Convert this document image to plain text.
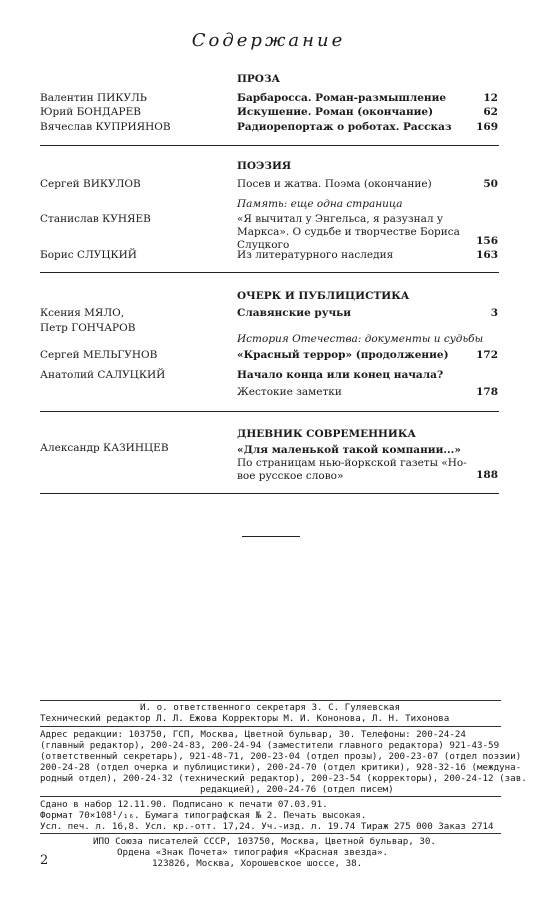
Содержание
ПРОЗА
Валентин ПИКУЛЬ	Барбаросса. Роман-размышление	12
Юрий БОНДАРЕВ	Искушение. Роман (окончание)	62
Вячеслав КУПРИЯНОВ	Радиорепортаж о роботах. Рассказ 169
ПОЭЗИЯ
Сергей ВИКУЛОВ	Посев и жатва. Поэма (окончание)	50
Память: еще одна страница
Станислав КУНЯЕВ	«Я вычитал у Энгельса, я разузнал у
Маркса». О судьбе и творчестве Бориса
Слуцкого	156
Борис СЛУЦКИЙ	Из литературного наследия	163
ОЧЕРК И ПУБЛИЦИСТИКА
Ксения МЯЛО,
Петр ГОНЧАРОВ
Славянские ручьи	3
История Отечества: документы и судьбы
Сергей МЕЛЬГУНОВ	«Красный террор» (продолжение)	172
Анатолий САЛУЦКИЙ	Начало конца или конец начала?
Жестокие заметки	178
ДНЕВНИК СОВРЕМЕННИКА
Александр КАЗИНЦЕВ	«Для маленькой такой компании...»
По страницам нью-йоркской газеты «Но-
вое русское слово»	188
И. о. ответственного секретаря З. С. Гуляевская
Технический редактор Л. Л. Ежова Корректоры М. И. Кононова, Л. Н. Тихонова
Адрес редакции: 103750, ГСП, Москва, Цветной бульвар, 30. Телефоны: 200-24-24
(главный редактор), 200-24-83, 200-24-94 (заместители главного редактора) 921-43-59
(ответственный секретарь), 921-48-71, 200-23-04 (отдел прозы), 200-23-07 (отдел поэзии)
200-24-28 (отдел очерка и публицистики), 200-24-70 (отдел критики), 928-32-16 (междуна-
родный отдел), 200-24-32 (технический редактор), 200-23-54 (корректоры), 200-24-12 (зав.
редакцией), 200-24-76 (отдел писем)
Сдано в набор 12.11.90. Подписано к печати 07.03.91.
Формат 70×108¹/₁₆. Бумага типографская № 2. Печать высокая.
Усл. печ. л. 16,8. Усл. кр.-отт. 17,24. Уч.-изд. л. 19.74 Тираж 275 000 Заказ 2714
ИПО Союза писателей СССР, 103750, Москва, Цветной бульвар, 30.
Ордена «Знак Почета» типография «Красная звезда».
123826, Москва, Хорошевское шоссе, 38.
2
